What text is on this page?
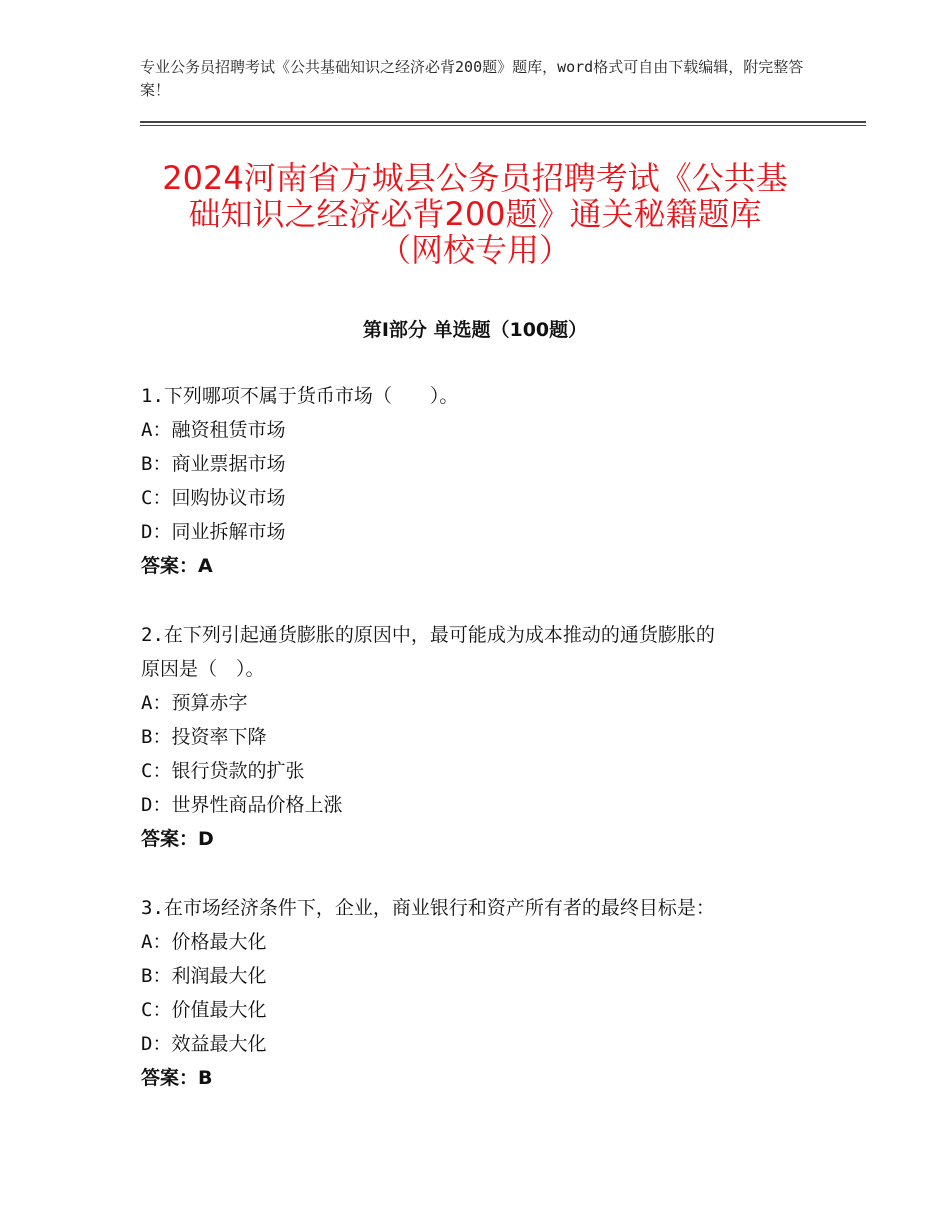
专业公务员招聘考试《公共基础知识之经济必背200题》题库，word格式可自由下载编辑，附完整答案！
2024河南省方城县公务员招聘考试《公共基
础知识之经济必背200题》通关秘籍题库
（网校专用）
第Ⅰ部分 单选题（100题）

1.下列哪项不属于货币市场（　　）。

A：融资租赁市场

B：商业票据市场

C：回购协议市场

D：同业拆解市场

答案：A

2.在下列引起通货膨胀的原因中，最可能成为成本推动的通货膨胀的

原因是（　）。

A：预算赤字

B：投资率下降

C：银行贷款的扩张

D：世界性商品价格上涨

答案：D

3.在市场经济条件下，企业，商业银行和资产所有者的最终目标是：

A：价格最大化

B：利润最大化

C：价值最大化

D：效益最大化

答案：B
